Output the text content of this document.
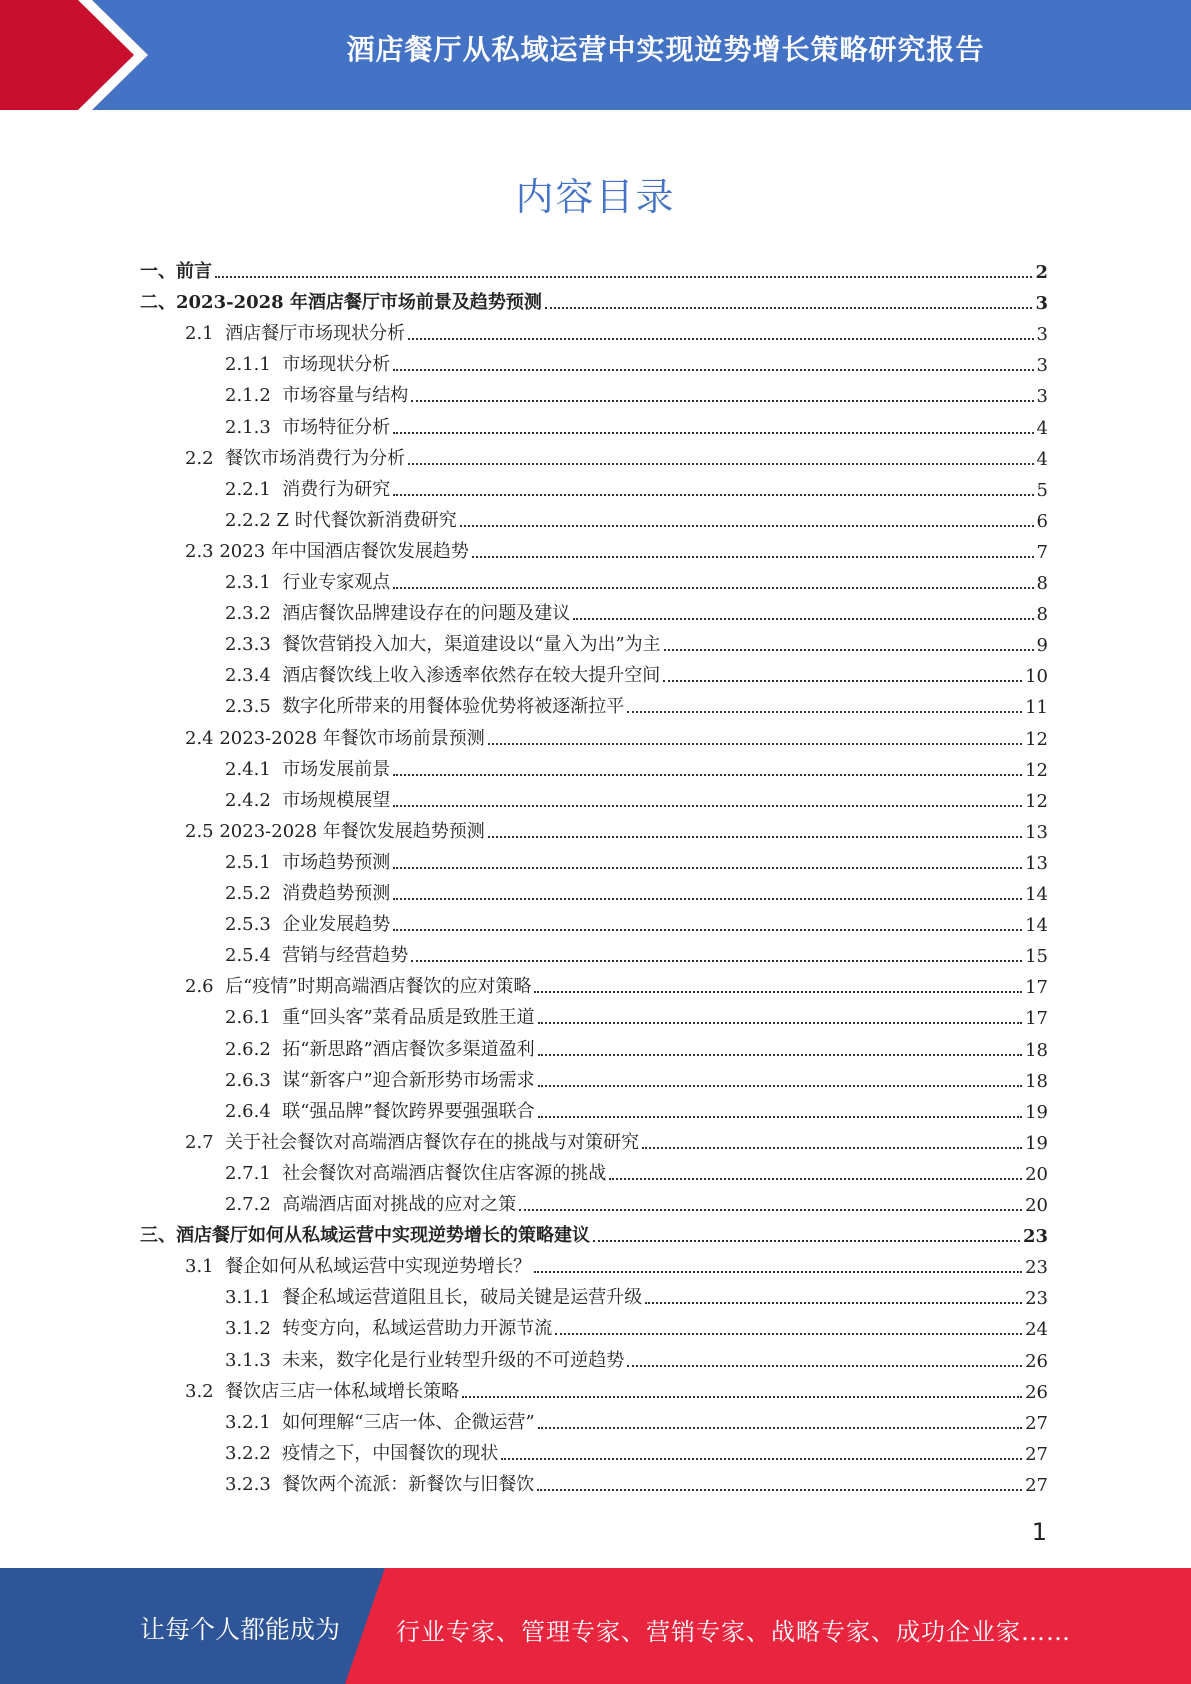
酒店餐厅从私域运营中实现逆势增长策略研究报告
内容目录
一、前言	2
二、2023-2028 年酒店餐厅市场前景及趋势预测	3
2.1  酒店餐厅市场现状分析	3
2.1.1  市场现状分析	3
2.1.2  市场容量与结构	3
2.1.3  市场特征分析	4
2.2  餐饮市场消费行为分析	4
2.2.1  消费行为研究	5
2.2.2 Z 时代餐饮新消费研究	6
2.3 2023 年中国酒店餐饮发展趋势	7
2.3.1  行业专家观点	8
2.3.2  酒店餐饮品牌建设存在的问题及建议	8
2.3.3  餐饮营销投入加大，渠道建设以“量入为出”为主	9
2.3.4  酒店餐饮线上收入渗透率依然存在较大提升空间	10
2.3.5  数字化所带来的用餐体验优势将被逐渐拉平	11
2.4 2023-2028 年餐饮市场前景预测	12
2.4.1  市场发展前景	12
2.4.2  市场规模展望	12
2.5 2023-2028 年餐饮发展趋势预测	13
2.5.1  市场趋势预测	13
2.5.2  消费趋势预测	14
2.5.3  企业发展趋势	14
2.5.4  营销与经营趋势	15
2.6  后“疫情”时期高端酒店餐饮的应对策略	17
2.6.1  重“回头客”菜肴品质是致胜王道	17
2.6.2  拓“新思路”酒店餐饮多渠道盈利	18
2.6.3  谋“新客户”迎合新形势市场需求	18
2.6.4  联“强品牌”餐饮跨界要强强联合	19
2.7  关于社会餐饮对高端酒店餐饮存在的挑战与对策研究	19
2.7.1  社会餐饮对高端酒店餐饮住店客源的挑战	20
2.7.2  高端酒店面对挑战的应对之策	20
三、酒店餐厅如何从私域运营中实现逆势增长的策略建议	23
3.1  餐企如何从私域运营中实现逆势增长？	23
3.1.1  餐企私域运营道阻且长，破局关键是运营升级	23
3.1.2  转变方向，私域运营助力开源节流	24
3.1.3  未来，数字化是行业转型升级的不可逆趋势	26
3.2  餐饮店三店一体私域增长策略	26
3.2.1  如何理解“三店一体、企微运营”	27
3.2.2  疫情之下，中国餐饮的现状	27
3.2.3  餐饮两个流派：新餐饮与旧餐饮	27
1
让每个人都能成为 行业专家、管理专家、营销专家、战略专家、成功企业家……
